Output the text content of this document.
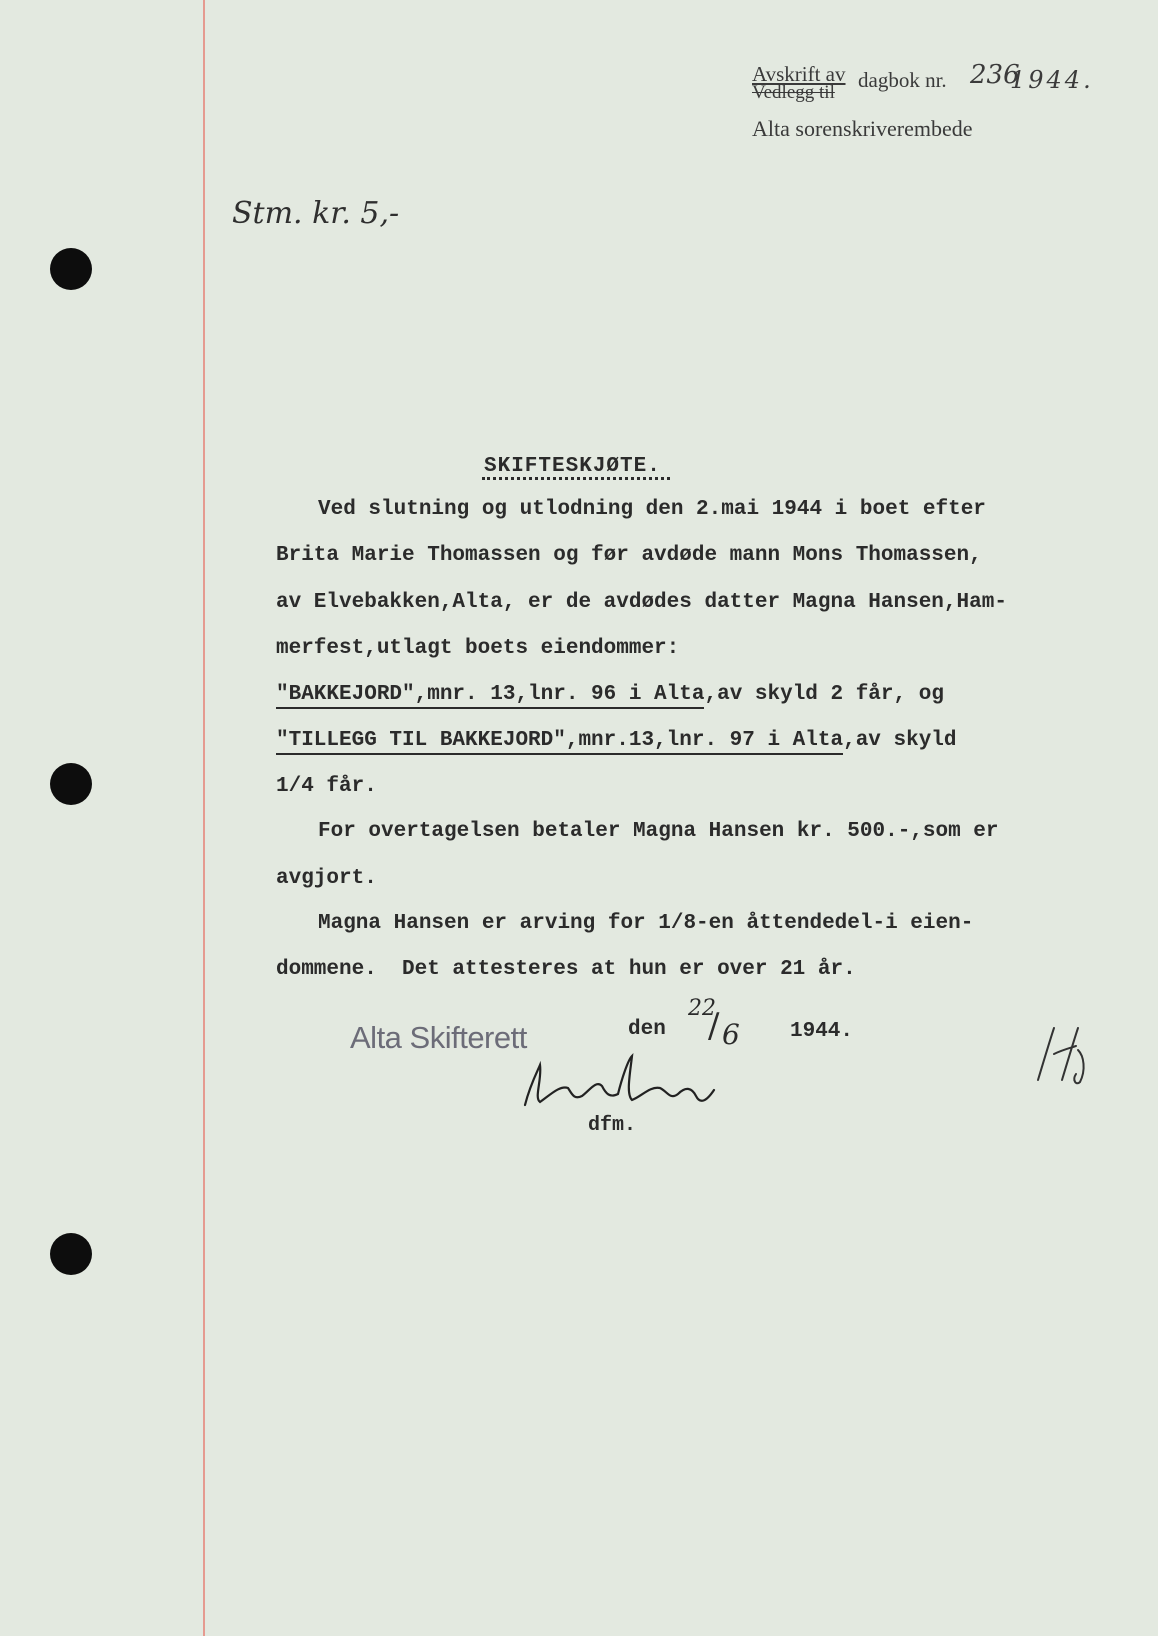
Avskrift av
Vedlegg til
dagbok nr. 236
1944.
Alta sorenskriverembede
Stm. kr. 5,-
SKIFTESKJØTE.
Ved slutning og utlodning den 2.mai 1944 i boet efter
Brita Marie Thomassen og før avdøde mann Mons Thomassen,
av Elvebakken,Alta, er de avdødes datter Magna Hansen,Ham-
merfest,utlagt boets eiendommer:
"BAKKEJORD",mnr. 13,lnr. 96 i Alta,av skyld 2 får, og
"TILLEGG TIL BAKKEJORD",mnr.13,lnr. 97 i Alta,av skyld
1/4 får.
For overtagelsen betaler Magna Hansen kr. 500.-,som er
avgjort.
Magna Hansen er arving for 1/8-en åttendedel-i eien-
dommene.  Det attesteres at hun er over 21 år.
Alta Skifterett	den
22
/ 6 1944.
dfm.
